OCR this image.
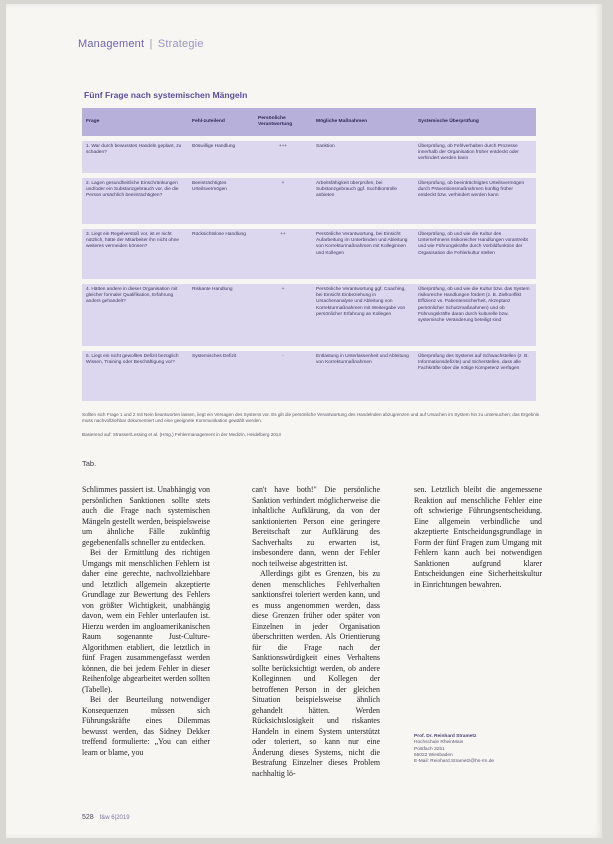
Management | Strategie
Fünf Frage nach systemischen Mängeln
Frage	Fehl-zuteilend	Persönliche Verantwortung	Mögliche Maßnahmen	Systemische Überprüfung
1. War durch bewusstes Handeln geplant, zu schaden?	Böswillige Handlung	+++	Sanktion	Überprüfung, ob Fehlverhalten durch Prozesse innerhalb der Organisation früher entdeckt oder verhindert werden kann
2. Lagen gesundheitliche Einschränkungen und/oder ein Substanzgebrauch vor, die die Person ursächlich beeinträchtigten?	Beeinträchtigtes Urteilsvermögen	+	Arbeitsfähigkeit überprüfen, bei Substanzgebrauch ggf. Suchtkontrolle anbieten	Überprüfung, ob beeinträchtigtes Urteilsvermögen durch Präventionsmaßnahmen künftig früher entdeckt bzw. verhindert werden kann
3. Liegt ein Regelverstoß vor, ist er nicht nützlich, hätte der Mitarbeiter ihn nicht ohne weiteres vermeiden können?	Rücksichtslose Handlung	++	Persönliche Verantwortung, bei Einsicht Aufarbeitung im Unterbinden und Ableitung von Korrekturmaßnahmen mit Kolleginnen und Kollegen	Überprüfung, ob und wie die Kultur des Unternehmens risikoreicher Handlungen vorantreibt und wie Führungskräfte durch Vorbildfunktion der Organisation die Fehlerkultur stellen
4. Hätten andere in dieser Organisation mit gleicher formaler Qualifikation, Erfahrung anders gehandelt?	Riskante Handlung	+	Persönliche Verantwortung ggf. Coaching, bei Einsicht Einbeziehung in Ursachenanalyse und Ableitung von Korrekturmaßnahmen mit Weitergabe von persönlicher Erfahrung an Kollegen	Überprüfung, ob und wie die Kultur bzw. das System risikoreiche Handlungen fördert (z. B. Zielkonflikt Effizienz vs. Patientensicherheit, Akzeptanz persönlicher Schutzmaßnahmen) und ob Führungskräfte daran durch kulturelle bzw. systemische Veränderung beteiligt sind
5. Liegt ein nicht gewolltes Defizit bezüglich Wissen, Training oder Beschäftigung vor?	Systemisches Defizit	-	Entlastung in Unterlassenheit und Ableitung von Korrekturmaßnahmen	Überprüfung des Systems auf Schwachstellen (z. B. Informationsdefizite) und Sicherstellen, dass alle Fachkräfte über die nötige Kompetenz verfügen
Sollten sich Frage 1 und 2 mit Nein beantworten lassen, liegt ein Versagen des Systems vor. Es gilt die persönliche Verantwortung des Handelnden abzugrenzen und auf Ursachen im System hin zu untersuchen; das Ergebnis muss nachvollziehbar dokumentiert und eine geeignete Kommunikation gewählt werden.
Basierend auf: Strasser/Lessing et al. (Hrsg.) Fehlermanagement in der Medizin, Heidelberg 2013
Tab.

Schlimmes passiert ist. Unabhängig von persönlichen Sanktionen sollte stets auch die Frage nach systemischen Mängeln gestellt werden, beispielsweise um ähnliche Fälle zukünftig gegebenenfalls schneller zu entdecken.

Bei der Ermittlung des richtigen Umgangs mit menschlichen Fehlern ist daher eine gerechte, nachvollziehbare und letztlich allgemein akzeptierte Grundlage zur Bewertung des Fehlers von größter Wichtigkeit, unabhängig davon, wem ein Fehler unterlaufen ist. Hierzu werden im angloamerikanischen Raum sogenannte Just-Culture-Algorithmen etabliert, die letztlich in fünf Fragen zusammengefasst werden können, die bei jedem Fehler in dieser Reihenfolge abgearbeitet werden sollten (Tabelle).

Bei der Beurteilung notwendiger Konsequenzen müssen sich Führungskräfte eines Dilemmas bewusst werden, das Sidney Dekker treffend formulierte: „You can either learn or blame, you

can't have both!" Die persönliche Sanktion verhindert möglicherweise die inhaltliche Aufklärung, da von der sanktionierten Person eine geringere Bereitschaft zur Aufklärung des Sachverhalts zu erwarten ist, insbesondere dann, wenn der Fehler noch teilweise abgestritten ist.

Allerdings gibt es Grenzen, bis zu denen menschliches Fehlverhalten sanktionsfrei toleriert werden kann, und es muss angenommen werden, dass diese Grenzen früher oder später von Einzelnen in jeder Organisation überschritten werden. Als Orientierung für die Frage nach der Sanktionswürdigkeit eines Verhaltens sollte berücksichtigt werden, ob andere Kolleginnen und Kollegen der betroffenen Person in der gleichen Situation beispielsweise ähnlich gehandelt hätten. Werden Rücksichtslosigkeit und riskantes Handeln in einem System unterstützt oder toleriert, so kann nur eine Änderung dieses Systems, nicht die Bestrafung Einzelner dieses Problem nachhaltig lö-

sen. Letztlich bleibt die angemessene Reaktion auf menschliche Fehler eine oft schwierige Führungsentscheidung. Eine allgemein verbindliche und akzeptierte Entscheidungsgrundlage in Form der fünf Fragen zum Umgang mit Fehlern kann auch bei notwendigen Sanktionen aufgrund klarer Entscheidungen eine Sicherheitskultur in Einrichtungen bewahren.

Prof. Dr. Reinhard Strametz
Hochschule RheinMain
Postfach 3251
65022 Wiesbaden
E-Mail: Reinhard.Strametz@hs-rm.de
528 f&w 6|2019
